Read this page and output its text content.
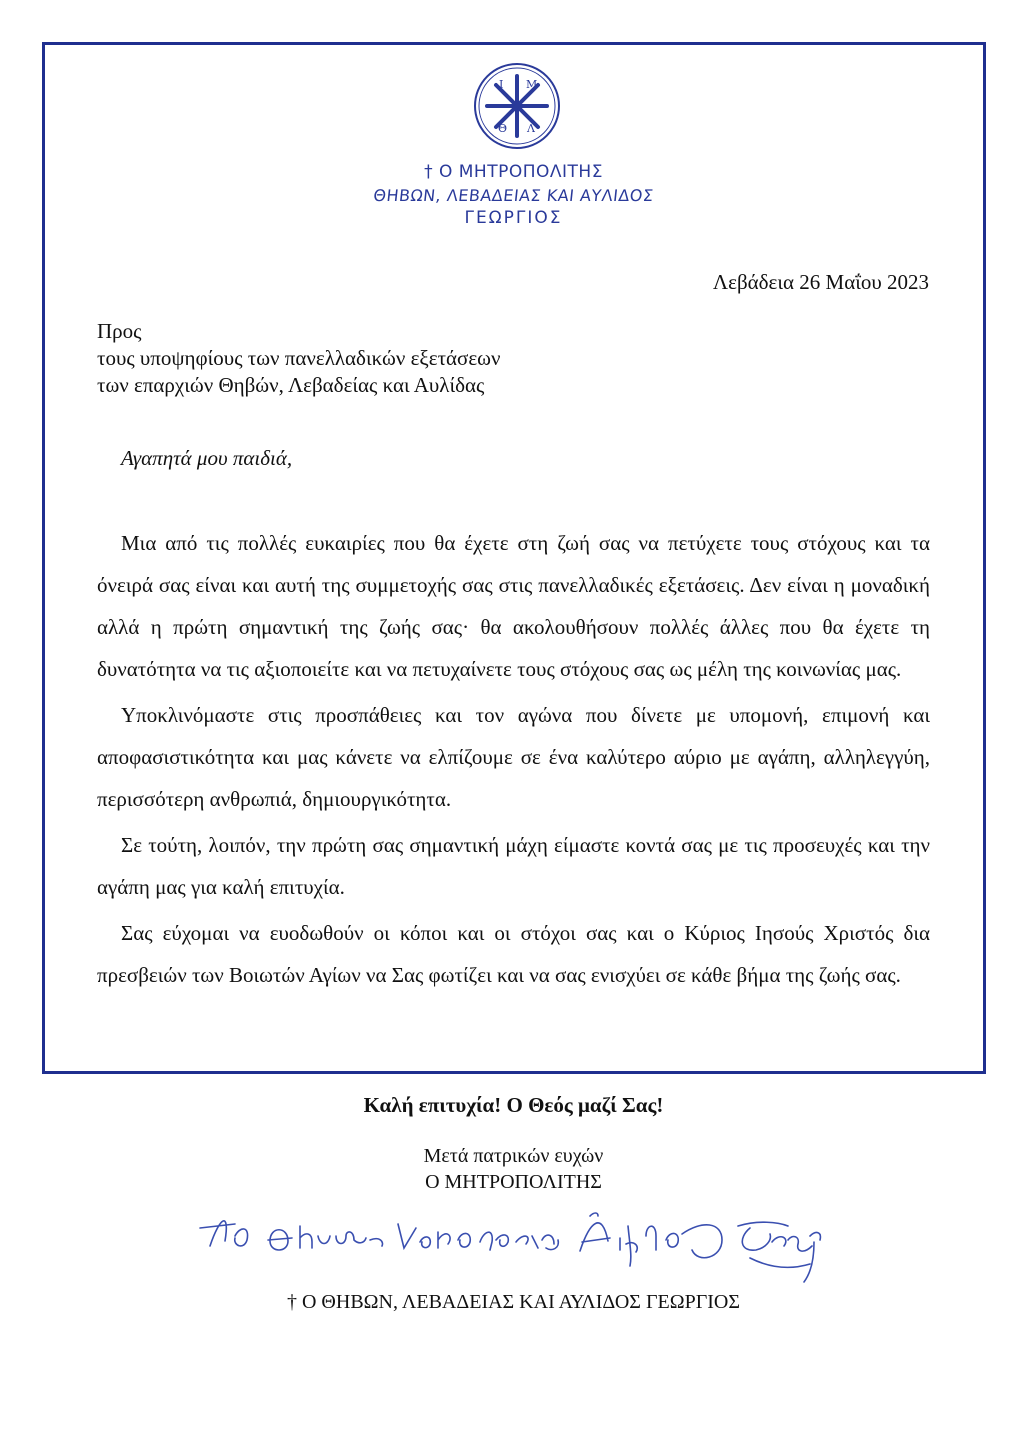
Ι Μ
Θ Λ
† Ο ΜΗΤΡΟΠΟΛΙΤΗΣ
ΘΗΒΩΝ, ΛΕΒΑΔΕΙΑΣ ΚΑΙ ΑΥΛΙΔΟΣ
ΓΕΩΡΓΙΟΣ
Λεβάδεια 26 Μαΐου 2023
Προς
τους υποψηφίους των πανελλαδικών εξετάσεων
των επαρχιών Θηβών, Λεβαδείας και Αυλίδας
Αγαπητά μου παιδιά,

Μια από τις πολλές ευκαιρίες που θα έχετε στη ζωή σας να πετύχετε τους στόχους και τα όνειρά σας είναι και αυτή της συμμετοχής σας στις πανελλαδικές εξετάσεις. Δεν είναι η μοναδική αλλά η πρώτη σημαντική της ζωής σας· θα ακολουθήσουν πολλές άλλες που θα έχετε τη δυνατότητα να τις αξιοποιείτε και να πετυχαίνετε τους στόχους σας ως μέλη της κοινωνίας μας.

Υποκλινόμαστε στις προσπάθειες και τον αγώνα που δίνετε με υπομονή, επιμονή και αποφασιστικότητα και μας κάνετε να ελπίζουμε σε ένα καλύτερο αύριο με αγάπη, αλληλεγγύη, περισσότερη ανθρωπιά, δημιουργικότητα.

Σε τούτη, λοιπόν, την πρώτη σας σημαντική μάχη είμαστε κοντά σας με τις προσευχές και την αγάπη μας για καλή επιτυχία.

Σας εύχομαι να ευοδωθούν οι κόποι και οι στόχοι σας και ο Κύριος Ιησούς Χριστός δια πρεσβειών των Βοιωτών Αγίων να Σας φωτίζει και να σας ενισχύει σε κάθε βήμα της ζωής σας.

Καλή επιτυχία! Ο Θεός μαζί Σας!
Μετά πατρικών ευχών
Ο ΜΗΤΡΟΠΟΛΙΤΗΣ
† Ο ΘΗΒΩΝ, ΛΕΒΑΔΕΙΑΣ ΚΑΙ ΑΥΛΙΔΟΣ ΓΕΩΡΓΙΟΣ
